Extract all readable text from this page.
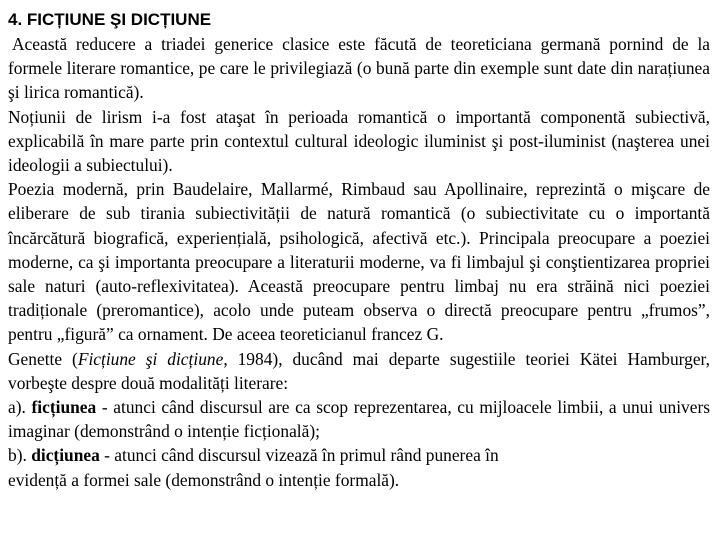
4. FICȚIUNE ŞI DICȚIUNE

Această reducere a triadei generice clasice este făcută de teoreticiana germană pornind de la formele literare romantice, pe care le privilegiază (o bună parte din exemple sunt date din narațiunea şi lirica romantică).

Noțiunii de lirism i-a fost ataşat în perioada romantică o importantă componentă subiectivă, explicabilă în mare parte prin contextul cultural ideologic iluminist şi post-iluminist (naşterea unei ideologii a subiectului).

Poezia modernă, prin Baudelaire, Mallarmé, Rimbaud sau Apollinaire, reprezintă o mişcare de eliberare de sub tirania subiectivității de natură romantică (o subiectivitate cu o importantă încărcătură biografică, experiențială, psihologică, afectivă etc.). Principala preocupare a poeziei moderne, ca şi importanta preocupare a literaturii moderne, va fi limbajul şi conştientizarea propriei sale naturi (auto-reflexivitatea). Această preocupare pentru limbaj nu era străină nici poeziei tradiționale (preromantice), acolo unde puteam observa o directă preocupare pentru „frumos”, pentru „figură” ca ornament. De aceea teoreticianul francez G.

Genette (Ficțiune şi dicțiune, 1984), ducând mai departe sugestiile teoriei Kätei Hamburger, vorbeşte despre două modalități literare:

a). ficțiunea - atunci când discursul are ca scop reprezentarea, cu mijloacele limbii, a unui univers imaginar (demonstrând o intenție ficțională);

b). dicțiunea - atunci când discursul vizează în primul rând punerea în
evidență a formei sale (demonstrând o intenție formală).
